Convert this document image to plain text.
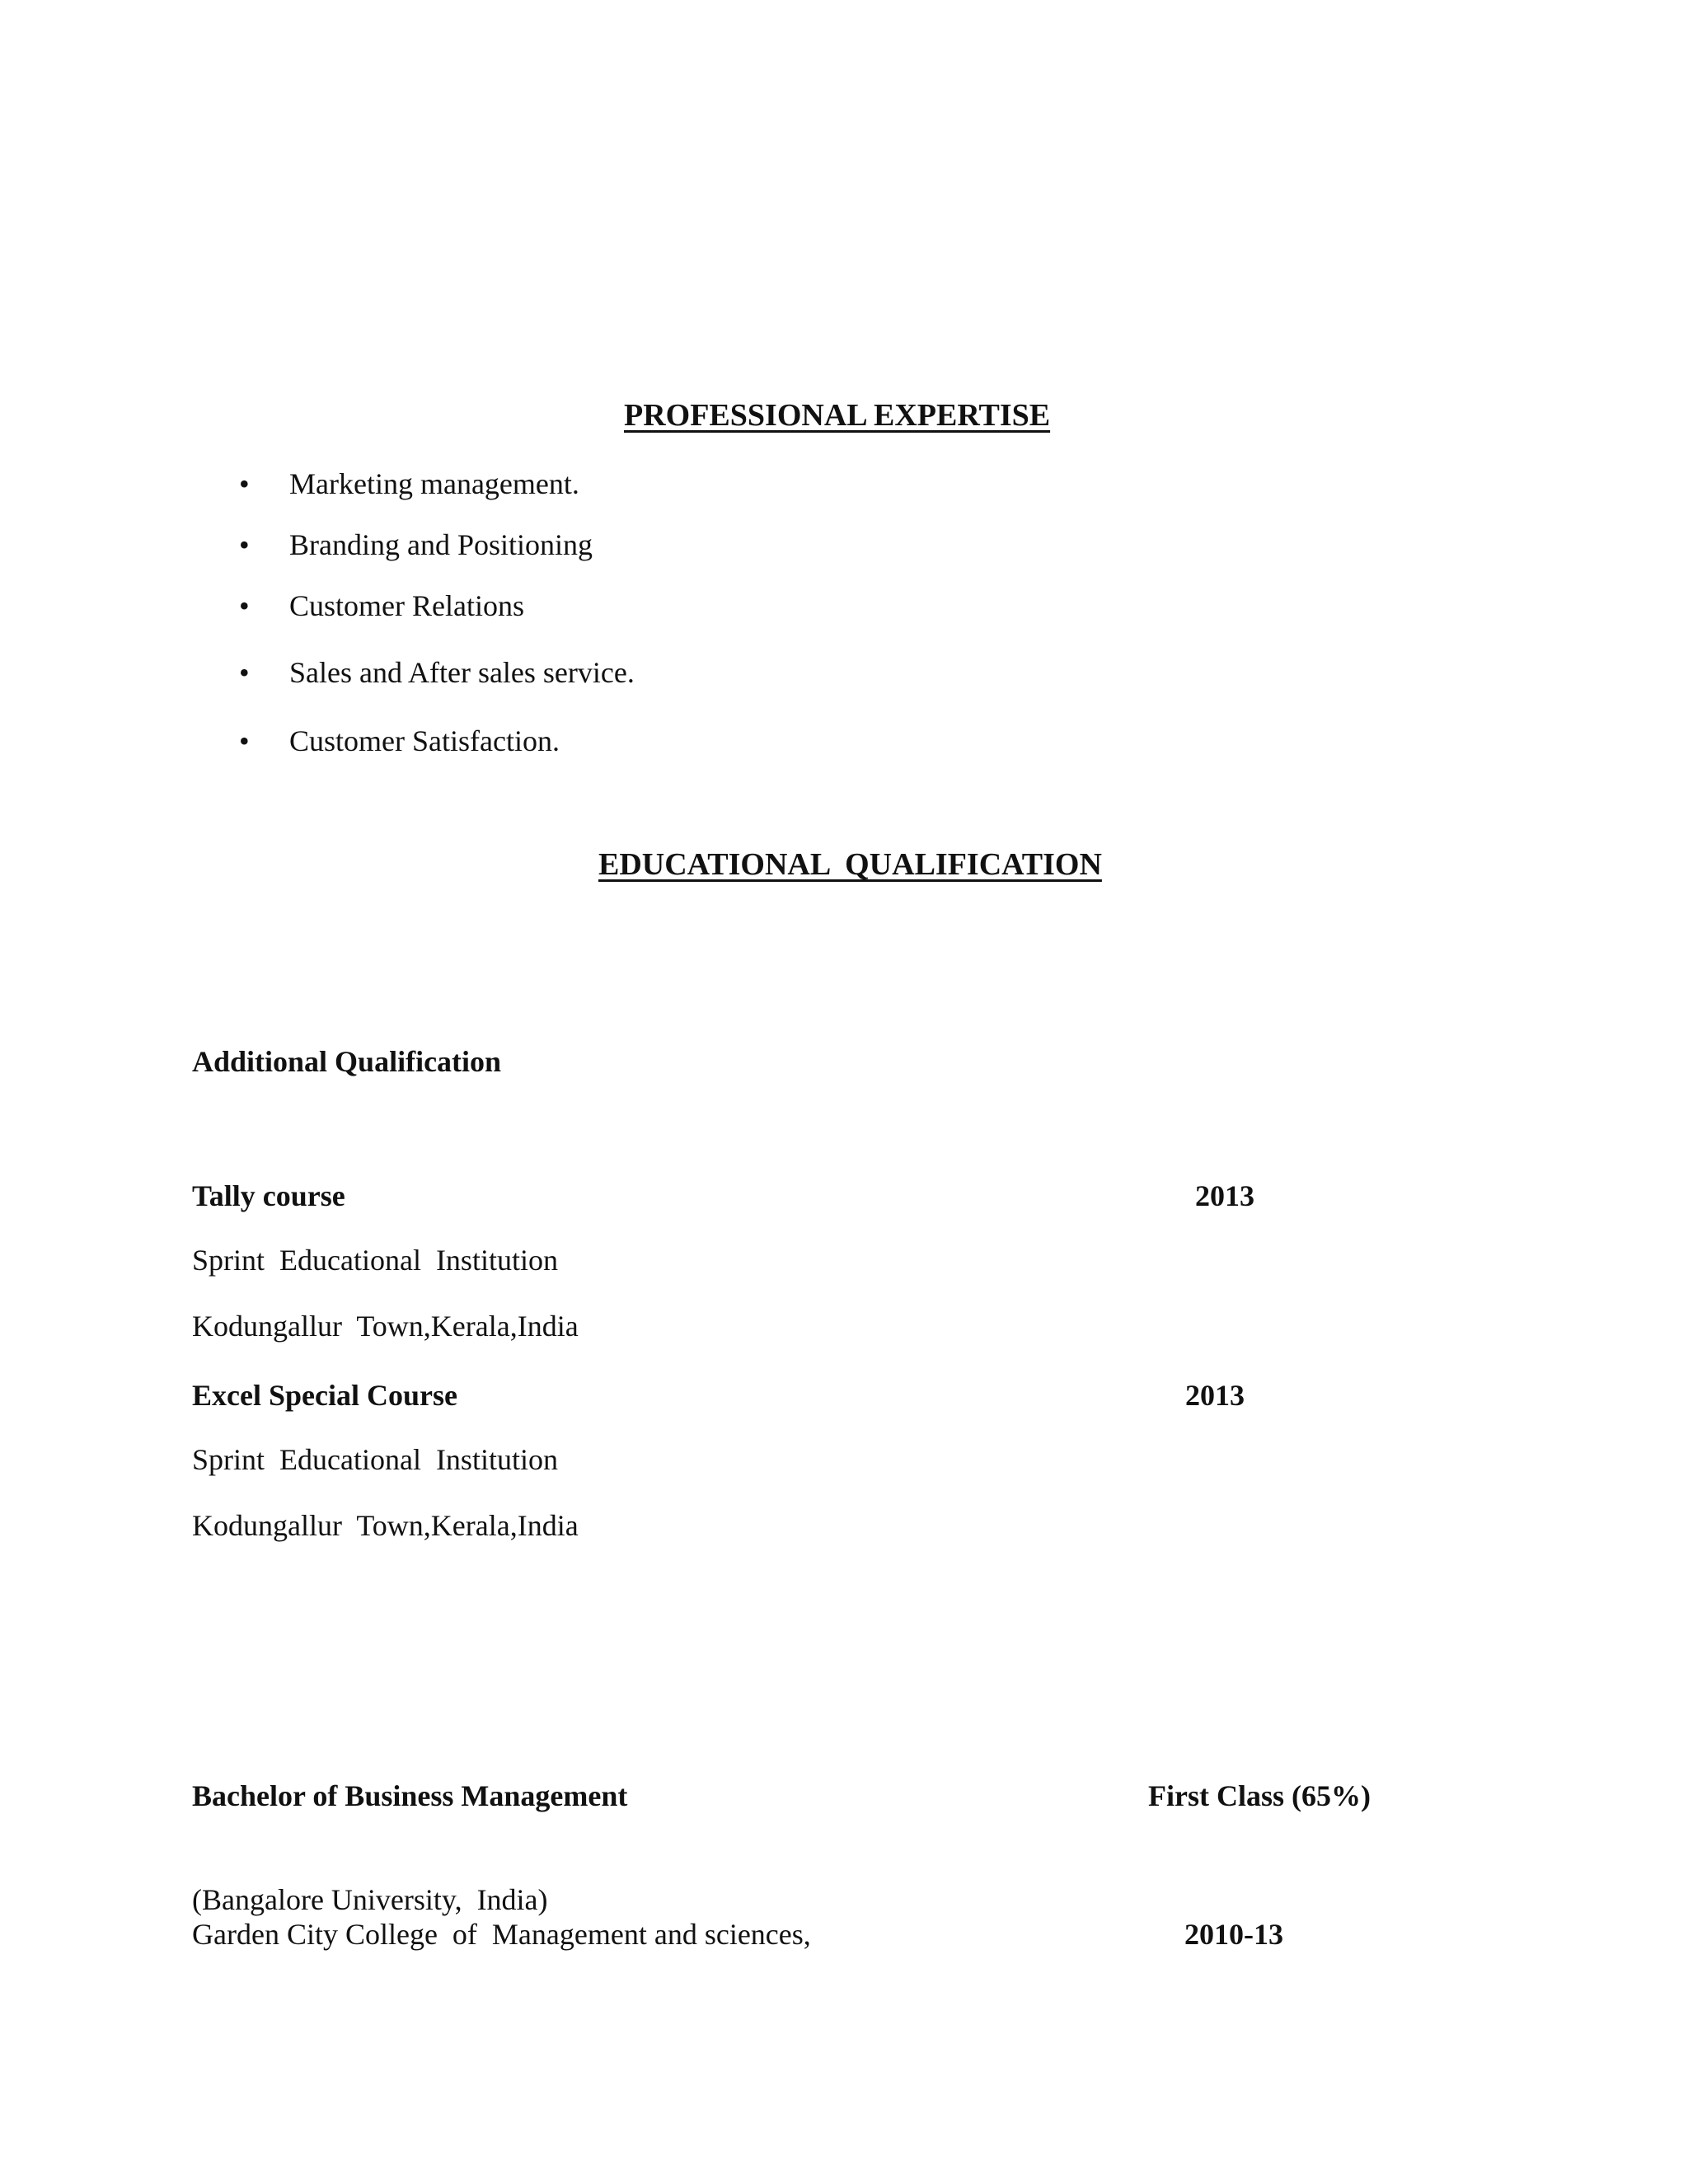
PROFESSIONAL EXPERTISE
• Marketing management.
• Branding and Positioning
• Customer Relations
• Sales and After sales service.
• Customer Satisfaction.
EDUCATIONAL  QUALIFICATION
Additional Qualification
Tally course	2013
Sprint  Educational  Institution
Kodungallur  Town,Kerala,India
Excel Special Course	2013
Sprint  Educational  Institution
Kodungallur  Town,Kerala,India
Bachelor of Business Management	First Class (65%)
(Bangalore University,  India)
Garden City College  of  Management and sciences,	2010-13
